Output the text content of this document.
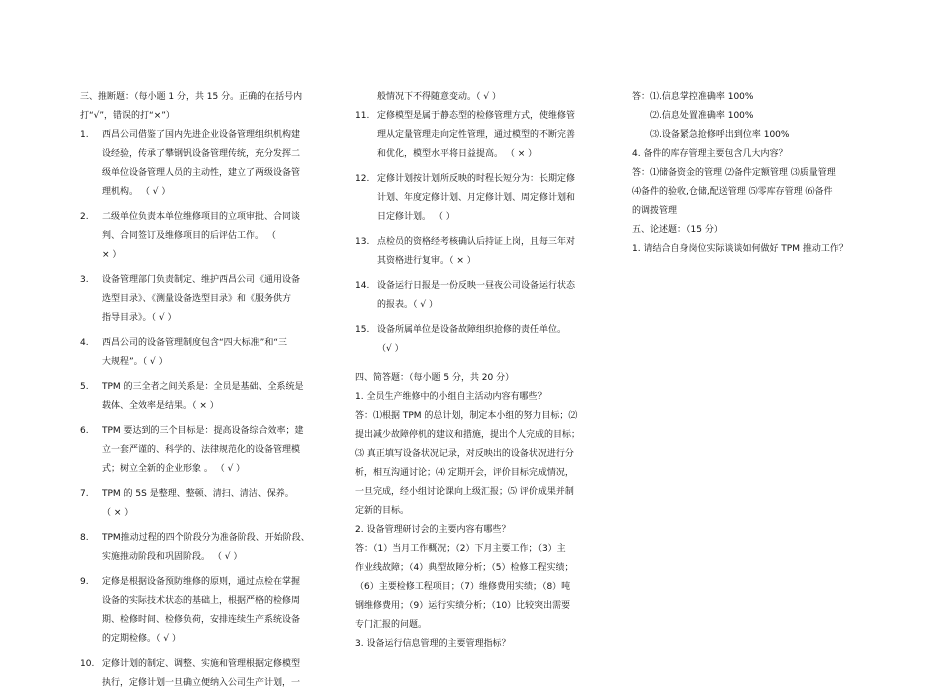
三、推断题：（每小题 1 分，共 15 分。正确的在括号内
打“√”，错误的打“×”）
1.	西昌公司借鉴了国内先进企业设备管理组织机构建
设经验，传承了攀钢钒设备管理传统，充分发挥二
级单位设备管理人员的主动性，建立了两级设备管
理机构。 （ √ ）
2.	二级单位负责本单位维修项目的立项审批、合同谈
判、合同签订及维修项目的后评估工作。 （
× ）
3.	设备管理部门负责制定、维护西昌公司《通用设备
选型目录》、《测量设备选型目录》和《服务供方
指导目录》。（ √ ）
4.	西昌公司的设备管理制度包含“四大标准”和“三
大规程”。（ √ ）
5.	TPM 的三全者之间关系是：全员是基础、全系统是
载体、全效率是结果。（ × ）
6.	TPM 要达到的三个目标是：提高设备综合效率；建
立一套严谨的、科学的、法律规范化的设备管理模
式；树立全新的企业形象 。 （ √ ）
7.	TPM 的 5S 是整理、整顿、清扫、清洁、保养。
（ × ）
8.	TPM推动过程的四个阶段分为准备阶段、开始阶段、
实施推动阶段和巩固阶段。 （ √ ）
9.	定修是根据设备预防维修的原则，通过点检在掌握
设备的实际技术状态的基础上，根据严格的检修周
期、检修时间、检修负荷，安排连续生产系统设备
的定期检修。（ √ ）
10. 定修计划的制定、调整、实施和管理根据定修模型
执行，定修计划一旦确立便纳入公司生产计划，一
般情况下不得随意变动。（ √ ）
11. 定修模型是属于静态型的检修管理方式，使维修管
理从定量管理走向定性管理，通过模型的不断完善
和优化，模型水平将日益提高。 （ × ）
12. 定修计划按计划所反映的时程长短分为：长期定修
计划、年度定修计划、月定修计划、周定修计划和
日定修计划。 （ ）
13. 点检员的资格经考核确认后持证上岗，且每三年对
其资格进行复审。（ × ）
14. 设备运行日报是一份反映一昼夜公司设备运行状态
的报表。（ √ ）
15. 设备所属单位是设备故障组织抢修的责任单位。
（√ ）
四、简答题：（每小题 5 分，共 20 分）
1. 全员生产维修中的小组自主活动内容有哪些？
答：⑴根据 TPM 的总计划，制定本小组的努力目标；⑵
提出减少故障停机的建议和措施，提出个人完成的目标；
⑶ 真正填写设备状况记录，对反映出的设备状况进行分
析，相互沟通讨论；⑷ 定期开会，评价目标完成情况，
一旦完成，经小组讨论课向上级汇报；⑸ 评价成果并制
定新的目标。
2. 设备管理研讨会的主要内容有哪些？
答：（1）当月工作概况；（2）下月主要工作；（3）主
作业线故障；（4）典型故障分析；（5）检修工程实绩；
（6）主要检修工程项目；（7）维修费用实绩；（8）吨
钢维修费用；（9）运行实绩分析；（10）比较突出需要
专门汇报的问题。
3. 设备运行信息管理的主要管理指标？
答：⑴.信息掌控准确率 100%
⑵.信息处置准确率 100%
⑶.设备紧急抢修呼出到位率 100%
4. 备件的库存管理主要包含几大内容？
答：⑴储备资金的管理 ⑵备件定额管理 ⑶质量管理
⑷备件的验收,仓储,配送管理 ⑸零库存管理 ⑹备件
的调拨管理
五、论述题：（15 分）
1. 请结合自身岗位实际谈谈如何做好 TPM 推动工作？
